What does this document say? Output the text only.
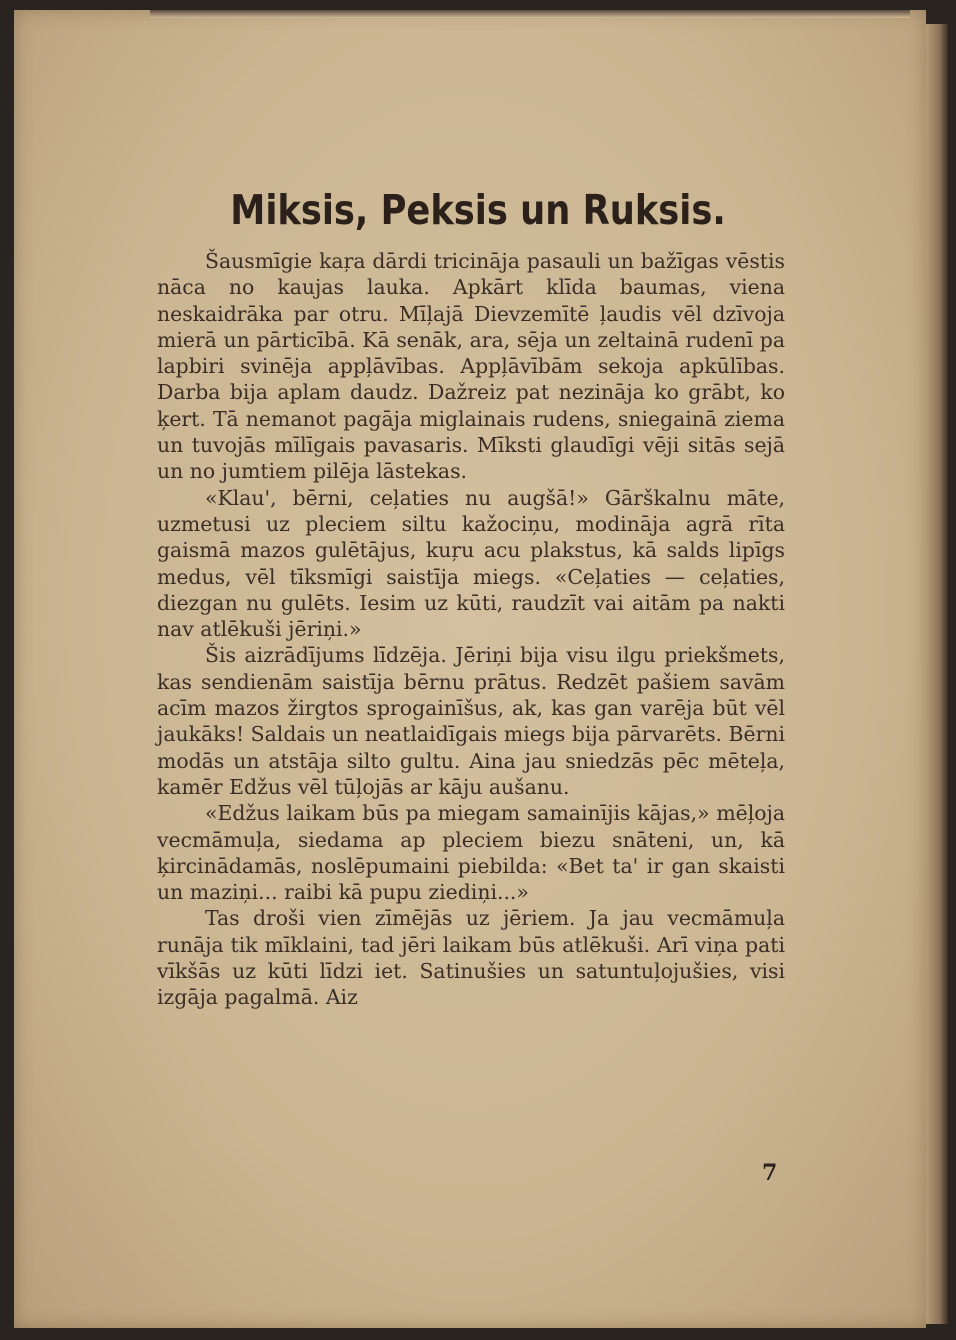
Miksis, Peksis un Ruksis.

Šausmīgie kaŗa dārdi tricināja pasauli un bažīgas vēstis nāca no kaujas lauka. Apkārt klīda baumas, viena neskaidrāka par otru. Mīļajā Dievzemītē ļaudis vēl dzīvoja mierā un pārticībā. Kā senāk, ara, sēja un zeltainā rudenī pa lapbiri svinēja appļāvības. Appļāvībām sekoja apkūlības. Darba bija aplam daudz. Dažreiz pat nezināja ko grābt, ko ķert. Tā nemanot pagāja miglainais rudens, sniegainā ziema un tuvojās mīlīgais pavasaris. Mīksti glaudīgi vēji sitās sejā un no jumtiem pilēja lāstekas.

«Klau', bērni, ceļaties nu augšā!» Gārškalnu māte, uzmetusi uz pleciem siltu kažociņu, modināja agrā rīta gaismā mazos gulētājus, kuŗu acu plakstus, kā salds lipīgs medus, vēl tīksmīgi saistīja miegs. «Ceļaties — ceļaties, diezgan nu gulēts. Iesim uz kūti, raudzīt vai aitām pa nakti nav atlēkuši jēriņi.»

Šis aizrādījums līdzēja. Jēriņi bija visu ilgu priekšmets, kas sendienām saistīja bērnu prātus. Redzēt pašiem savām acīm mazos žirgtos sprogainīšus, ak, kas gan varēja būt vēl jaukāks! Saldais un neatlaidīgais miegs bija pārvarēts. Bērni modās un atstāja silto gultu. Aina jau sniedzās pēc mēteļa, kamēr Edžus vēl tūļojās ar kāju aušanu.

«Edžus laikam būs pa miegam samainījis kājas,» mēļoja vecmāmuļa, siedama ap pleciem biezu snāteni, un, kā ķircinādamās, noslēpumaini piebilda: «Bet ta' ir gan skaisti un maziņi... raibi kā pupu ziediņi...»

Tas droši vien zīmējās uz jēriem. Ja jau vecmāmuļa runāja tik mīklaini, tad jēri laikam būs atlēkuši. Arī viņa pati vīkšās uz kūti līdzi iet. Satinušies un satuntuļojušies, visi izgāja pagalmā. Aiz

7
